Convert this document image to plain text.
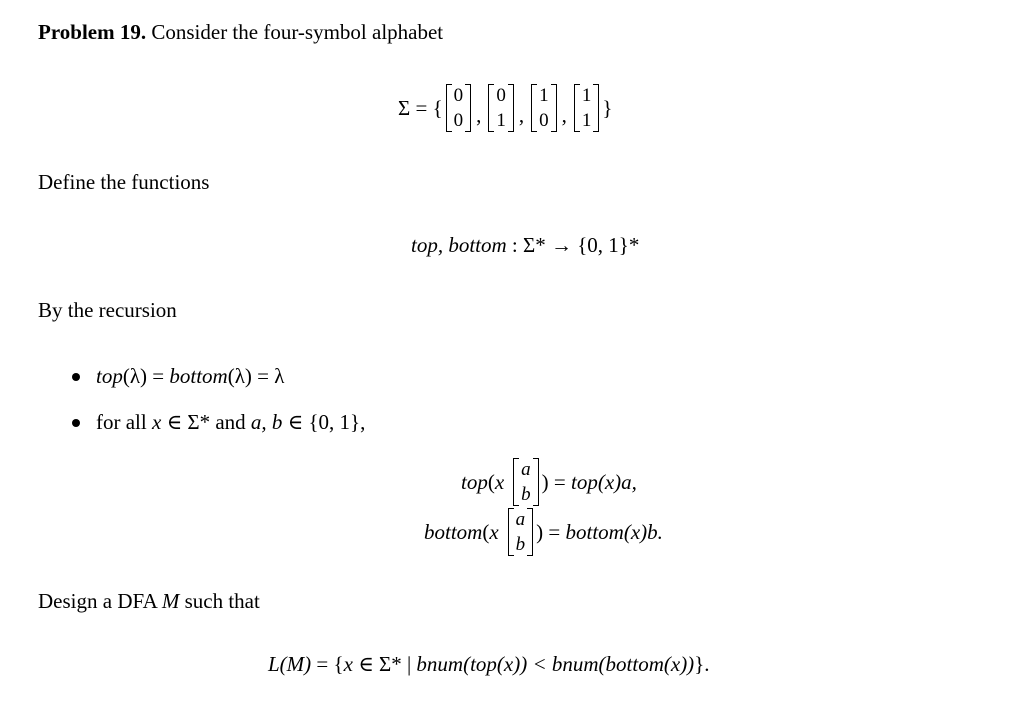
Problem 19. Consider the four-symbol alphabet
Σ = { 0
0 ,
0
1 ,
1
0 ,
1
1
}
Define the functions
top, bottom : Σ* → {0, 1}*
By the recursion
top(λ) = bottom(λ) = λ
for all x ∈ Σ* and a, b ∈ {0, 1},
top ( x a
b
) = top(x)a,
bottom ( x a
b
) = bottom(x)b.
Design a DFA M such that
L(M) = {x ∈ Σ* | bnum(top(x)) < bnum(bottom(x))}.
